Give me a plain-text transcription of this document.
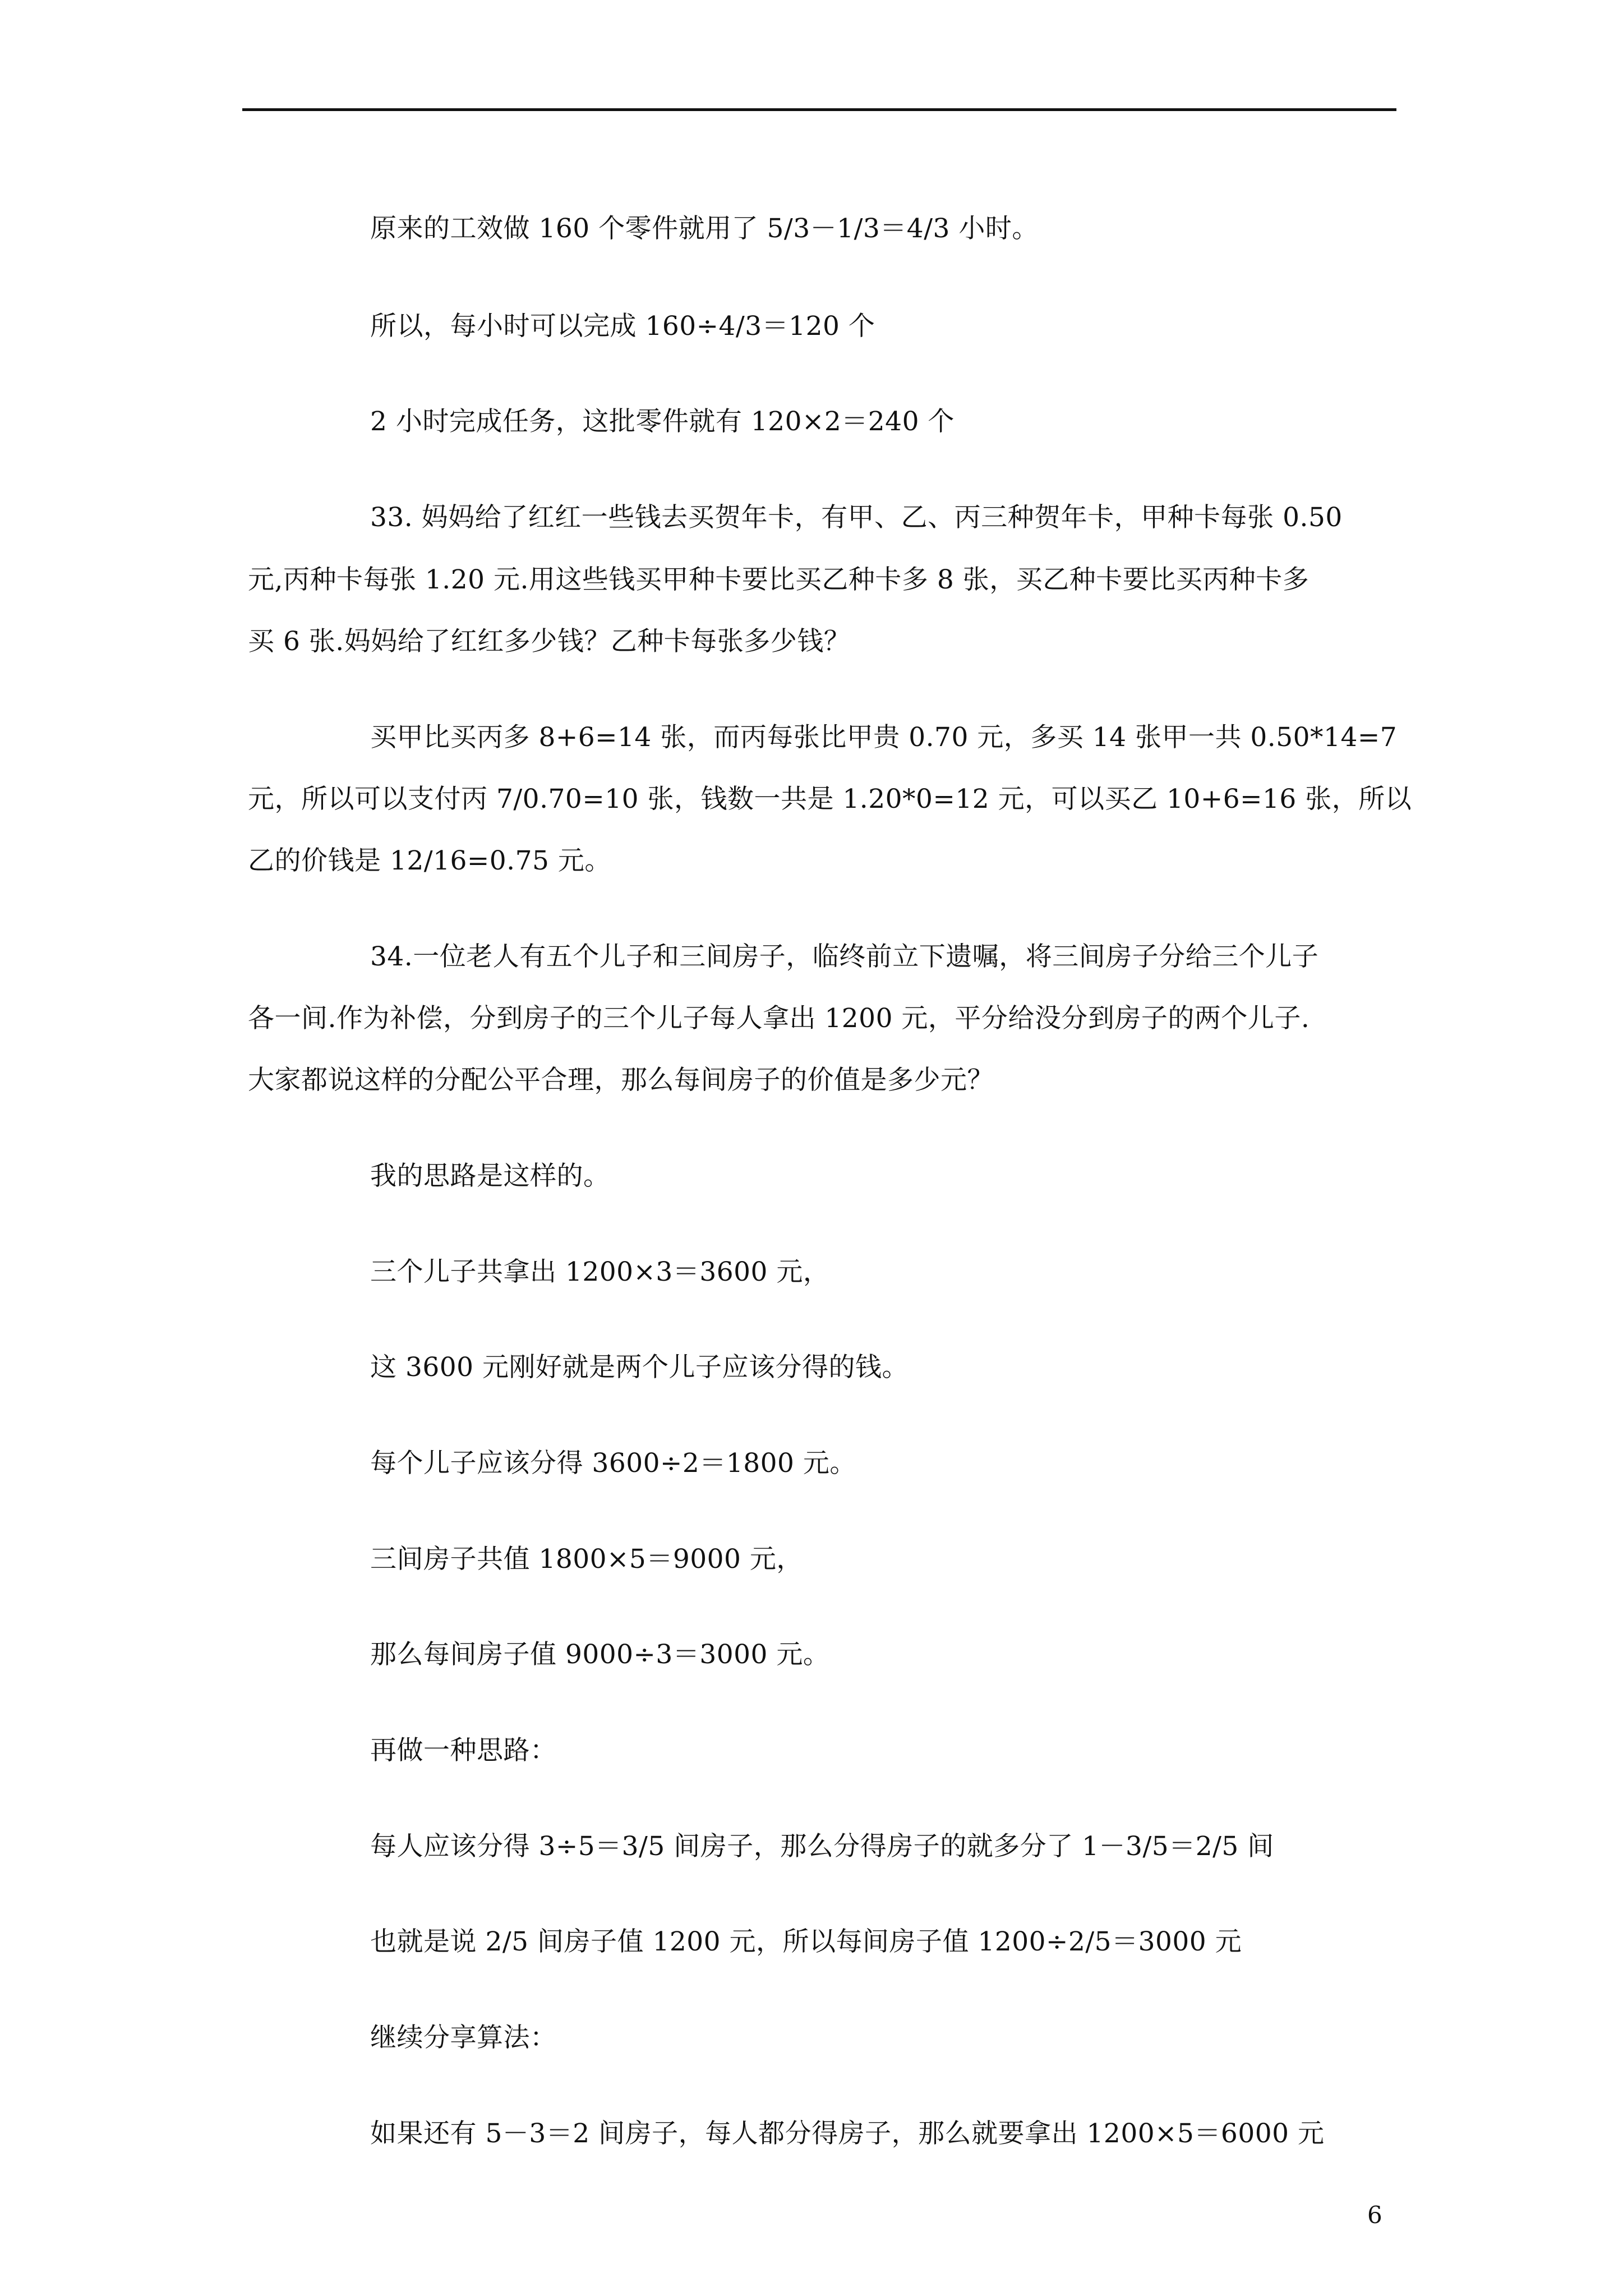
原来的工效做 160 个零件就用了 5/3－1/3＝4/3 小时。
所以，每小时可以完成 160÷4/3＝120 个
2 小时完成任务，这批零件就有 120×2＝240 个
33. 妈妈给了红红一些钱去买贺年卡，有甲、乙、丙三种贺年卡，甲种卡每张 0.50
元,丙种卡每张 1.20 元.用这些钱买甲种卡要比买乙种卡多 8 张，买乙种卡要比买丙种卡多
买 6 张.妈妈给了红红多少钱？乙种卡每张多少钱？
买甲比买丙多 8+6=14 张，而丙每张比甲贵 0.70 元，多买 14 张甲一共 0.50*14=7
元，所以可以支付丙 7/0.70=10 张，钱数一共是 1.20*0=12 元，可以买乙 10+6=16 张，所以
乙的价钱是 12/16=0.75 元。
34.一位老人有五个儿子和三间房子，临终前立下遗嘱，将三间房子分给三个儿子
各一间.作为补偿，分到房子的三个儿子每人拿出 1200 元，平分给没分到房子的两个儿子.
大家都说这样的分配公平合理，那么每间房子的价值是多少元？
我的思路是这样的。
三个儿子共拿出 1200×3＝3600 元，
这 3600 元刚好就是两个儿子应该分得的钱。
每个儿子应该分得 3600÷2＝1800 元。
三间房子共值 1800×5＝9000 元，
那么每间房子值 9000÷3＝3000 元。
再做一种思路：
每人应该分得 3÷5＝3/5 间房子，那么分得房子的就多分了 1－3/5＝2/5 间
也就是说 2/5 间房子值 1200 元，所以每间房子值 1200÷2/5＝3000 元
继续分享算法：
如果还有 5－3＝2 间房子，每人都分得房子，那么就要拿出 1200×5＝6000 元
6
